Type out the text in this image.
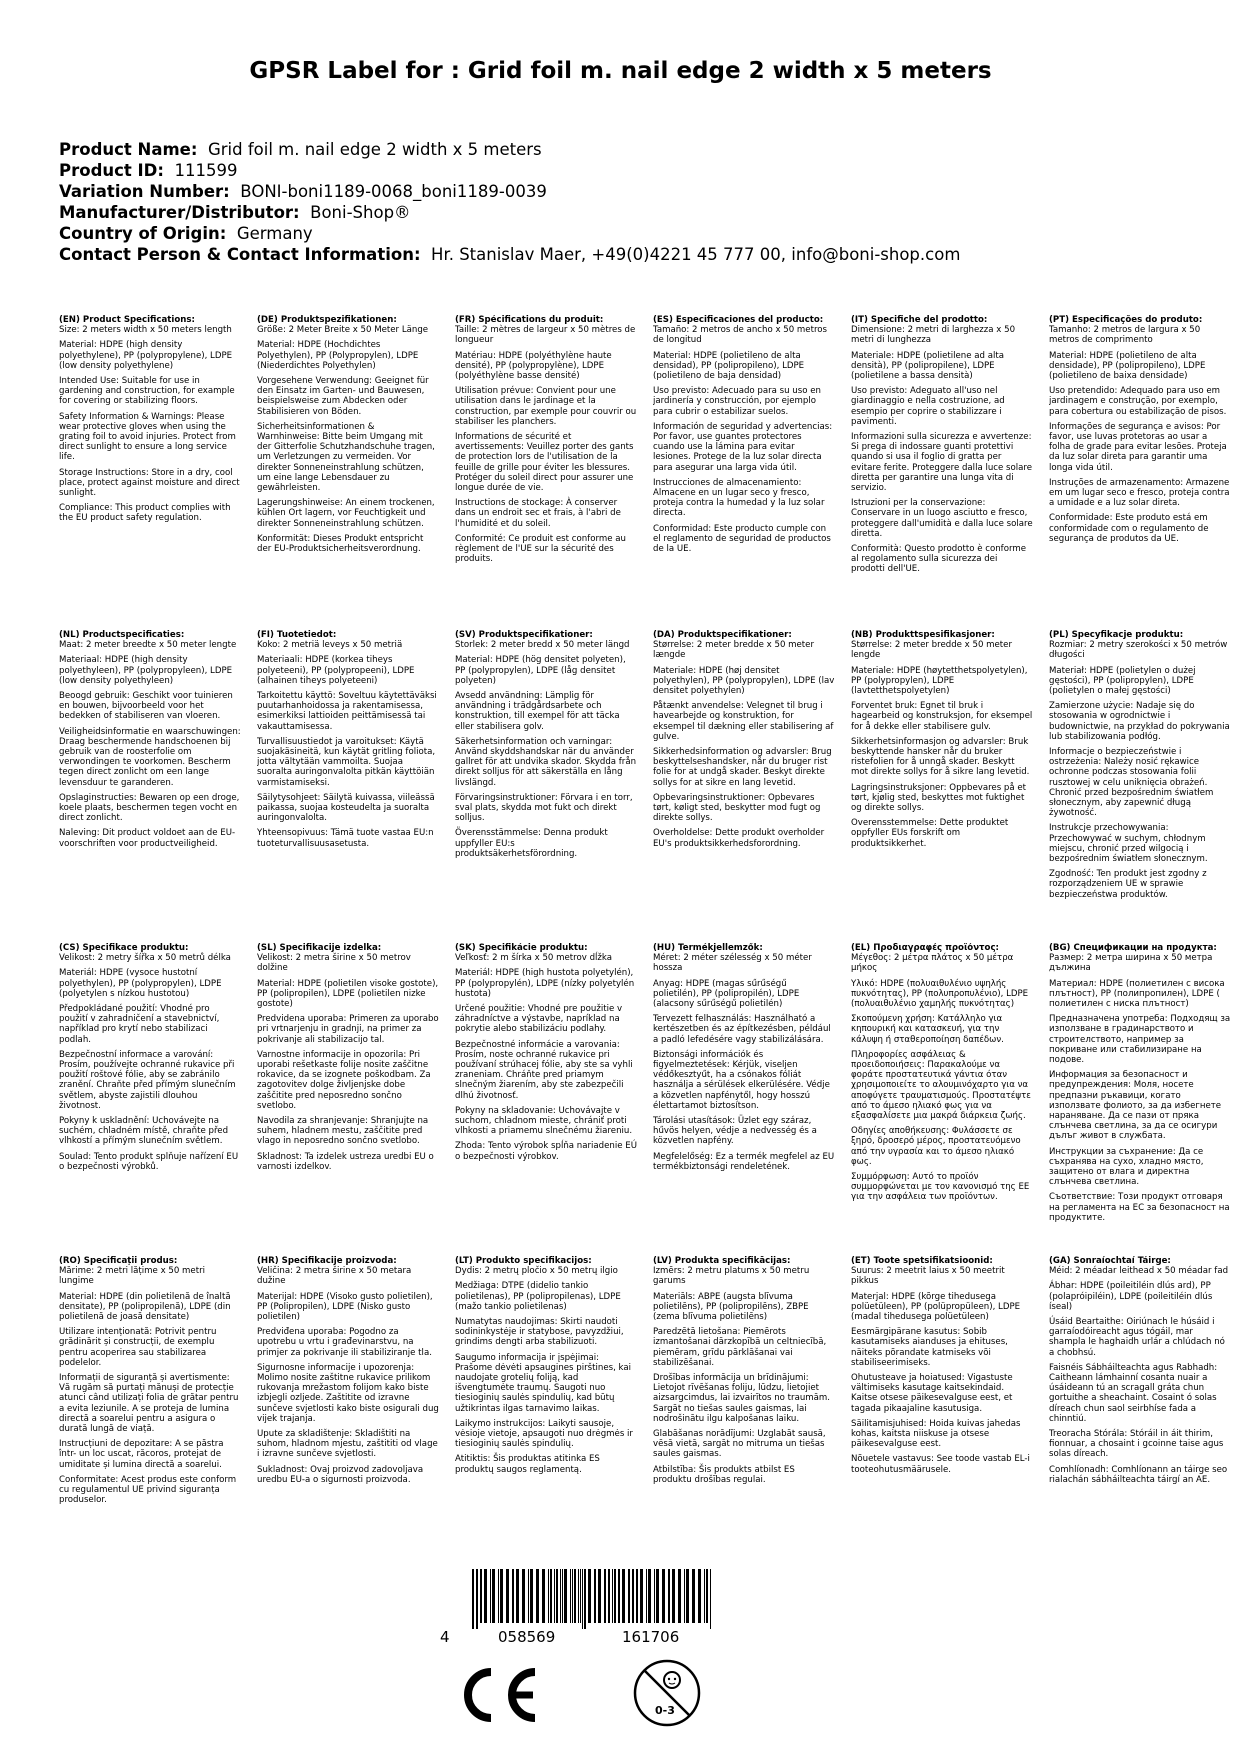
GPSR Label for : Grid foil m. nail edge 2 width x 5 meters
Product Name: Grid foil m. nail edge 2 width x 5 meters
Product ID: 111599
Variation Number: BONI-boni1189-0068_boni1189-0039
Manufacturer/Distributor: Boni-Shop®
Country of Origin: Germany
Contact Person & Contact Information: Hr. Stanislav Maer, +49(0)4221 45 777 00, info@boni-shop.com
(EN) Product Specifications:

Size: 2 meters width x 50 meters length

Material: HDPE (high density polyethylene), PP (polypropylene), LDPE (low density polyethylene)

Intended Use: Suitable for use in gardening and construction, for example for covering or stabilizing floors.

Safety Information & Warnings: Please wear protective gloves when using the grating foil to avoid injuries. Protect from direct sunlight to ensure a long service life.

Storage Instructions: Store in a dry, cool place, protect against moisture and direct sunlight.

Compliance: This product complies with the EU product safety regulation.

(DE) Produktspezifikationen:

Größe: 2 Meter Breite x 50 Meter Länge

Material: HDPE (Hochdichtes Polyethylen), PP (Polypropylen), LDPE (Niederdichtes Polyethylen)

Vorgesehene Verwendung: Geeignet für den Einsatz im Garten- und Bauwesen, beispielsweise zum Abdecken oder Stabilisieren von Böden.

Sicherheitsinformationen & Warnhinweise: Bitte beim Umgang mit der Gitterfolie Schutzhandschuhe tragen, um Verletzungen zu vermeiden. Vor direkter Sonneneinstrahlung schützen, um eine lange Lebensdauer zu gewährleisten.

Lagerungshinweise: An einem trockenen, kühlen Ort lagern, vor Feuchtigkeit und direkter Sonneneinstrahlung schützen.

Konformität: Dieses Produkt entspricht der EU-Produktsicherheitsverordnung.

(FR) Spécifications du produit:

Taille: 2 mètres de largeur x 50 mètres de longueur

Matériau: HDPE (polyéthylène haute densité), PP (polypropylène), LDPE (polyéthylène basse densité)

Utilisation prévue: Convient pour une utilisation dans le jardinage et la construction, par exemple pour couvrir ou stabiliser les planchers.

Informations de sécurité et avertissements: Veuillez porter des gants de protection lors de l'utilisation de la feuille de grille pour éviter les blessures. Protéger du soleil direct pour assurer une longue durée de vie.

Instructions de stockage: À conserver dans un endroit sec et frais, à l'abri de l'humidité et du soleil.

Conformité: Ce produit est conforme au règlement de l'UE sur la sécurité des produits.

(ES) Especificaciones del producto:

Tamaño: 2 metros de ancho x 50 metros de longitud

Material: HDPE (polietileno de alta densidad), PP (polipropileno), LDPE (polietileno de baja densidad)

Uso previsto: Adecuado para su uso en jardinería y construcción, por ejemplo para cubrir o estabilizar suelos.

Información de seguridad y advertencias: Por favor, use guantes protectores cuando use la lámina para evitar lesiones. Protege de la luz solar directa para asegurar una larga vida útil.

Instrucciones de almacenamiento: Almacene en un lugar seco y fresco, proteja contra la humedad y la luz solar directa.

Conformidad: Este producto cumple con el reglamento de seguridad de productos de la UE.

(IT) Specifiche del prodotto:

Dimensione: 2 metri di larghezza x 50 metri di lunghezza

Materiale: HDPE (polietilene ad alta densità), PP (polipropilene), LDPE (polietilene a bassa densità)

Uso previsto: Adeguato all'uso nel giardinaggio e nella costruzione, ad esempio per coprire o stabilizzare i pavimenti.

Informazioni sulla sicurezza e avvertenze: Si prega di indossare guanti protettivi quando si usa il foglio di gratta per evitare ferite. Proteggere dalla luce solare diretta per garantire una lunga vita di servizio.

Istruzioni per la conservazione: Conservare in un luogo asciutto e fresco, proteggere dall'umidità e dalla luce solare diretta.

Conformità: Questo prodotto è conforme al regolamento sulla sicurezza dei prodotti dell'UE.

(PT) Especificações do produto:

Tamanho: 2 metros de largura x 50 metros de comprimento

Material: HDPE (polietileno de alta densidade), PP (polipropileno), LDPE (polietileno de baixa densidade)

Uso pretendido: Adequado para uso em jardinagem e construção, por exemplo, para cobertura ou estabilização de pisos.

Informações de segurança e avisos: Por favor, use luvas protetoras ao usar a folha de grade para evitar lesões. Proteja da luz solar direta para garantir uma longa vida útil.

Instruções de armazenamento: Armazene em um lugar seco e fresco, proteja contra a umidade e a luz solar direta.

Conformidade: Este produto está em conformidade com o regulamento de segurança de produtos da UE.

(NL) Productspecificaties:

Maat: 2 meter breedte x 50 meter lengte

Materiaal: HDPE (high density polyethyleen), PP (polypropyleen), LDPE (low density polyethyleen)

Beoogd gebruik: Geschikt voor tuinieren en bouwen, bijvoorbeeld voor het bedekken of stabiliseren van vloeren.

Veiligheidsinformatie en waarschuwingen: Draag beschermende handschoenen bij gebruik van de roosterfolie om verwondingen te voorkomen. Bescherm tegen direct zonlicht om een lange levensduur te garanderen.

Opslaginstructies: Bewaren op een droge, koele plaats, beschermen tegen vocht en direct zonlicht.

Naleving: Dit product voldoet aan de EU-voorschriften voor productveiligheid.

(FI) Tuotetiedot:

Koko: 2 metriä leveys x 50 metriä

Materiaali: HDPE (korkea tiheys polyeteeni), PP (polypropeeni), LDPE (alhainen tiheys polyeteeni)

Tarkoitettu käyttö: Soveltuu käytettäväksi puutarhanhoidossa ja rakentamisessa, esimerkiksi lattioiden peittämisessä tai vakauttamisessa.

Turvallisuustiedot ja varoitukset: Käytä suojakäsineitä, kun käytät gritling foliota, jotta vältytään vammoilta. Suojaa suoralta auringonvalolta pitkän käyttöiän varmistamiseksi.

Säilytysohjeet: Säilytä kuivassa, viileässä paikassa, suojaa kosteudelta ja suoralta auringonvalolta.

Yhteensopivuus: Tämä tuote vastaa EU:n tuoteturvallisuusasetusta.

(SV) Produktspecifikationer:

Storlek: 2 meter bredd x 50 meter längd

Material: HDPE (hög densitet polyeten), PP (polypropylen), LDPE (låg densitet polyeten)

Avsedd användning: Lämplig för användning i trädgårdsarbete och konstruktion, till exempel för att täcka eller stabilisera golv.

Säkerhetsinformation och varningar: Använd skyddshandskar när du använder gallret för att undvika skador. Skydda från direkt solljus för att säkerställa en lång livslängd.

Förvaringsinstruktioner: Förvara i en torr, sval plats, skydda mot fukt och direkt solljus.

Överensstämmelse: Denna produkt uppfyller EU:s produktsäkerhetsförordning.

(DA) Produktspecifikationer:

Størrelse: 2 meter bredde x 50 meter længde

Materiale: HDPE (høj densitet polyethylen), PP (polypropylen), LDPE (lav densitet polyethylen)

Påtænkt anvendelse: Velegnet til brug i havearbejde og konstruktion, for eksempel til dækning eller stabilisering af gulve.

Sikkerhedsinformation og advarsler: Brug beskyttelseshandsker, når du bruger rist folie for at undgå skader. Beskyt direkte sollys for at sikre en lang levetid.

Opbevaringsinstruktioner: Opbevares tørt, køligt sted, beskytter mod fugt og direkte sollys.

Overholdelse: Dette produkt overholder EU's produktsikkerhedsforordning.

(NB) Produkttspesifikasjoner:

Størrelse: 2 meter bredde x 50 meter lengde

Materiale: HDPE (høytetthetspolyetylen), PP (polypropylen), LDPE (lavtetthetspolyetylen)

Forventet bruk: Egnet til bruk i hagearbeid og konstruksjon, for eksempel for å dekke eller stabilisere gulv.

Sikkerhetsinformasjon og advarsler: Bruk beskyttende hansker når du bruker ristefolien for å unngå skader. Beskytt mot direkte sollys for å sikre lang levetid.

Lagringsinstruksjoner: Oppbevares på et tørt, kjølig sted, beskyttes mot fuktighet og direkte sollys.

Overensstemmelse: Dette produktet oppfyller EUs forskrift om produktsikkerhet.

(PL) Specyfikacje produktu:

Rozmiar: 2 metry szerokości x 50 metrów długości

Materiał: HDPE (polietylen o dużej gęstości), PP (polipropylen), LDPE (polietylen o małej gęstości)

Zamierzone użycie: Nadaje się do stosowania w ogrodnictwie i budownictwie, na przykład do pokrywania lub stabilizowania podłóg.

Informacje o bezpieczeństwie i ostrzeżenia: Należy nosić rękawice ochronne podczas stosowania folii rusztowej w celu uniknięcia obrażeń. Chronić przed bezpośrednim światłem słonecznym, aby zapewnić długą żywotność.

Instrukcje przechowywania: Przechowywać w suchym, chłodnym miejscu, chronić przed wilgocią i bezpośrednim światłem słonecznym.

Zgodność: Ten produkt jest zgodny z rozporządzeniem UE w sprawie bezpieczeństwa produktów.

(CS) Specifikace produktu:

Velikost: 2 metry šířka x 50 metrů délka

Materiál: HDPE (vysoce hustotní polyethylen), PP (polypropylen), LDPE (polyetylen s nízkou hustotou)

Předpokládané použití: Vhodné pro použití v zahradničení a stavebnictví, například pro krytí nebo stabilizaci podlah.

Bezpečnostní informace a varování: Prosím, používejte ochranné rukavice při použití roštové fólie, aby se zabránilo zranění. Chraňte před přímým slunečním světlem, abyste zajistili dlouhou životnost.

Pokyny k uskladnění: Uchovávejte na suchém, chladném místě, chraňte před vlhkostí a přímým slunečním světlem.

Soulad: Tento produkt splňuje nařízení EU o bezpečnosti výrobků.

(SL) Specifikacije izdelka:

Velikost: 2 metra širine x 50 metrov dolžine

Material: HDPE (polietilen visoke gostote), PP (polipropilen), LDPE (polietilen nizke gostote)

Predvidena uporaba: Primeren za uporabo pri vrtnarjenju in gradnji, na primer za pokrivanje ali stabilizacijo tal.

Varnostne informacije in opozorila: Pri uporabi rešetkaste folije nosite zaščitne rokavice, da se izognete poškodbam. Za zagotovitev dolge življenjske dobe zaščitite pred neposredno sončno svetlobo.

Navodila za shranjevanje: Shranjujte na suhem, hladnem mestu, zaščitite pred vlago in neposredno sončno svetlobo.

Skladnost: Ta izdelek ustreza uredbi EU o varnosti izdelkov.

(SK) Špecifikácie produktu:

Veľkosť: 2 m šírka x 50 metrov dĺžka

Materiál: HDPE (high hustota polyetylén), PP (polypropylén), LDPE (nízky polyetylén hustota)

Určené použitie: Vhodné pre použitie v záhradníctve a výstavbe, napríklad na pokrytie alebo stabilizáciu podlahy.

Bezpečnostné informácie a varovania: Prosím, noste ochranné rukavice pri používaní strúhacej fólie, aby ste sa vyhli zraneniam. Chráňte pred priamym slnečným žiarením, aby ste zabezpečili dlhú životnosť.

Pokyny na skladovanie: Uchovávajte v suchom, chladnom mieste, chrániť proti vlhkosti a priamemu slnečnému žiareniu.

Zhoda: Tento výrobok spĺňa nariadenie EÚ o bezpečnosti výrobkov.

(HU) Termékjellemzők:

Méret: 2 méter szélesség x 50 méter hossza

Anyag: HDPE (magas sűrűségű polietilén), PP (polipropilén), LDPE (alacsony sűrűségű polietilén)

Tervezett felhasználás: Használható a kertészetben és az építkezésben, például a padló lefedésére vagy stabilizálására.

Biztonsági információk és figyelmeztetések: Kérjük, viseljen védőkesztyűt, ha a csónakos fóliát használja a sérülések elkerülésére. Védje a közvetlen napfénytől, hogy hosszú élettartamot biztosítson.

Tárolási utasítások: Üzlet egy száraz, hűvös helyen, védje a nedvesség és a közvetlen napfény.

Megfelelőség: Ez a termék megfelel az EU termékbiztonsági rendeletének.

(EL) Προδιαγραφές προϊόντος:

Μέγεθος: 2 μέτρα πλάτος x 50 μέτρα μήκος

Υλικό: HDPE (πολυαιθυλένιο υψηλής πυκνότητας), PP (πολυπροπυλένιο), LDPE (πολυαιθυλένιο χαμηλής πυκνότητας)

Σκοπούμενη χρήση: Κατάλληλο για κηπουρική και κατασκευή, για την κάλυψη ή σταθεροποίηση δαπέδων.

Πληροφορίες ασφάλειας & προειδοποιήσεις: Παρακαλούμε να φοράτε προστατευτικά γάντια όταν χρησιμοποιείτε το αλουμινόχαρτο για να αποφύγετε τραυματισμούς. Προστατέψτε από το άμεσο ηλιακό φως για να εξασφαλίσετε μια μακρά διάρκεια ζωής.

Οδηγίες αποθήκευσης: Φυλάσσετε σε ξηρό, δροσερό μέρος, προστατευόμενο από την υγρασία και το άμεσο ηλιακό φως.

Συμμόρφωση: Αυτό το προϊόν συμμορφώνεται με τον κανονισμό της ΕΕ για την ασφάλεια των προϊόντων.

(BG) Спецификации на продукта:

Размер: 2 метра ширина х 50 метра дължина

Материал: HDPE (полиетилен с висока плътност), PP (полипропилен), LDPE ( полиетилен с ниска плътност)

Предназначена употреба: Подходящ за използване в градинарството и строителството, например за покриване или стабилизиране на подове.

Информация за безопасност и предупреждения: Моля, носете предпазни ръкавици, когато използвате фолиото, за да избегнете нараняване. Да се пази от пряка слънчева светлина, за да се осигури дълъг живот в службата.

Инструкции за съхранение: Да се съхранява на сухо, хладно място, защитено от влага и директна слънчева светлина.

Съответствие: Този продукт отговаря на регламента на ЕС за безопасност на продуктите.

(RO) Specificații produs:

Mărime: 2 metri lățime x 50 metri lungime

Material: HDPE (din polietilenă de înaltă densitate), PP (polipropilenă), LDPE (din polietilenă de joasă densitate)

Utilizare intenționată: Potrivit pentru grădinărit și construcții, de exemplu pentru acoperirea sau stabilizarea podelelor.

Informații de siguranță și avertismente: Vă rugăm să purtați mănuși de protecție atunci când utilizați folia de grătar pentru a evita leziunile. A se proteja de lumina directă a soarelui pentru a asigura o durată lungă de viață.

Instrucțiuni de depozitare: A se păstra într- un loc uscat, răcoros, protejat de umiditate și lumina directă a soarelui.

Conformitate: Acest produs este conform cu regulamentul UE privind siguranța produselor.

(HR) Specifikacije proizvoda:

Veličina: 2 metra širine x 50 metara dužine

Materijal: HDPE (Visoko gusto polietilen), PP (Polipropilen), LDPE (Nisko gusto polietilen)

Predviđena uporaba: Pogodno za upotrebu u vrtu i građevinarstvu, na primjer za pokrivanje ili stabiliziranje tla.

Sigurnosne informacije i upozorenja: Molimo nosite zaštitne rukavice prilikom rukovanja mrežastom folijom kako biste izbjegli ozljede. Zaštitite od izravne sunčeve svjetlosti kako biste osigurali dug vijek trajanja.

Upute za skladištenje: Skladištiti na suhom, hladnom mjestu, zaštititi od vlage i izravne sunčeve svjetlosti.

Sukladnost: Ovaj proizvod zadovoljava uredbu EU-a o sigurnosti proizvoda.

(LT) Produkto specifikacijos:

Dydis: 2 metrų pločio x 50 metrų ilgio

Medžiaga: DTPE (didelio tankio polietilenas), PP (polipropilenas), LDPE (mažo tankio polietilenas)

Numatytas naudojimas: Skirti naudoti sodininkystėje ir statybose, pavyzdžiui, grindims dengti arba stabilizuoti.

Saugumo informacija ir įspėjimai: Prašome dėvėti apsaugines pirštines, kai naudojate grotelių foliją, kad išvengtumėte traumų. Saugoti nuo tiesioginių saulės spindulių, kad būtų užtikrintas ilgas tarnavimo laikas.

Laikymo instrukcijos: Laikyti sausoje, vėsioje vietoje, apsaugoti nuo drėgmės ir tiesioginių saulės spindulių.

Atitiktis: Šis produktas atitinka ES produktų saugos reglamentą.

(LV) Produkta specifikācijas:

Izmērs: 2 metru platums x 50 metru garums

Materiāls: ABPE (augsta blīvuma polietilēns), PP (polipropilēns), ZBPE (zema blīvuma polietilēns)

Paredzētā lietošana: Piemērots izmantošanai dārzkopībā un celtniecībā, piemēram, grīdu pārklāšanai vai stabilizēšanai.

Drošības informācija un brīdinājumi: Lietojot rīvēšanas foliju, lūdzu, lietojiet aizsargcimdus, lai izvairītos no traumām. Sargāt no tiešas saules gaismas, lai nodrošinātu ilgu kalpošanas laiku.

Glabāšanas norādījumi: Uzglabāt sausā, vēsā vietā, sargāt no mitruma un tiešas saules gaismas.

Atbilstība: Šis produkts atbilst ES produktu drošības regulai.

(ET) Toote spetsifikatsioonid:

Suurus: 2 meetrit laius x 50 meetrit pikkus

Materjal: HDPE (kõrge tihedusega polüetüleen), PP (polüpropüleen), LDPE (madal tihedusega polüetüleen)

Eesmärgipärane kasutus: Sobib kasutamiseks aianduses ja ehituses, näiteks põrandate katmiseks või stabiliseerimiseks.

Ohutusteave ja hoiatused: Vigastuste vältimiseks kasutage kaitsekindaid. Kaitse otsese päikesevalguse eest, et tagada pikaajaline kasutusiga.

Säilitamisjuhised: Hoida kuivas jahedas kohas, kaitsta niiskuse ja otsese päikesevalguse eest.

Nõuetele vastavus: See toode vastab EL-i tooteohutusmäärusele.

(GA) Sonraíochtaí Táirge:

Méid: 2 méadar leithead x 50 méadar fad

Ábhar: HDPE (poileitiléin dlús ard), PP (polapróipiléin), LDPE (poileitiléin dlús íseal)

Úsáid Beartaithe: Oiriúnach le húsáid i garraíodóireacht agus tógáil, mar shampla le haghaidh urlár a chlúdach nó a chobhsú.

Faisnéis Sábháilteachta agus Rabhadh: Caitheann lámhainní cosanta nuair a úsáideann tú an scragall gráta chun gortuithe a sheachaint. Cosaint ó solas díreach chun saol seirbhíse fada a chinntiú.

Treoracha Stórála: Stóráil in áit thirim, fionnuar, a chosaint i gcoinne taise agus solas díreach.

Comhlíonadh: Comhlíonann an táirge seo rialachán sábháilteachta táirgí an AE.

4	058569	161706
0-3
